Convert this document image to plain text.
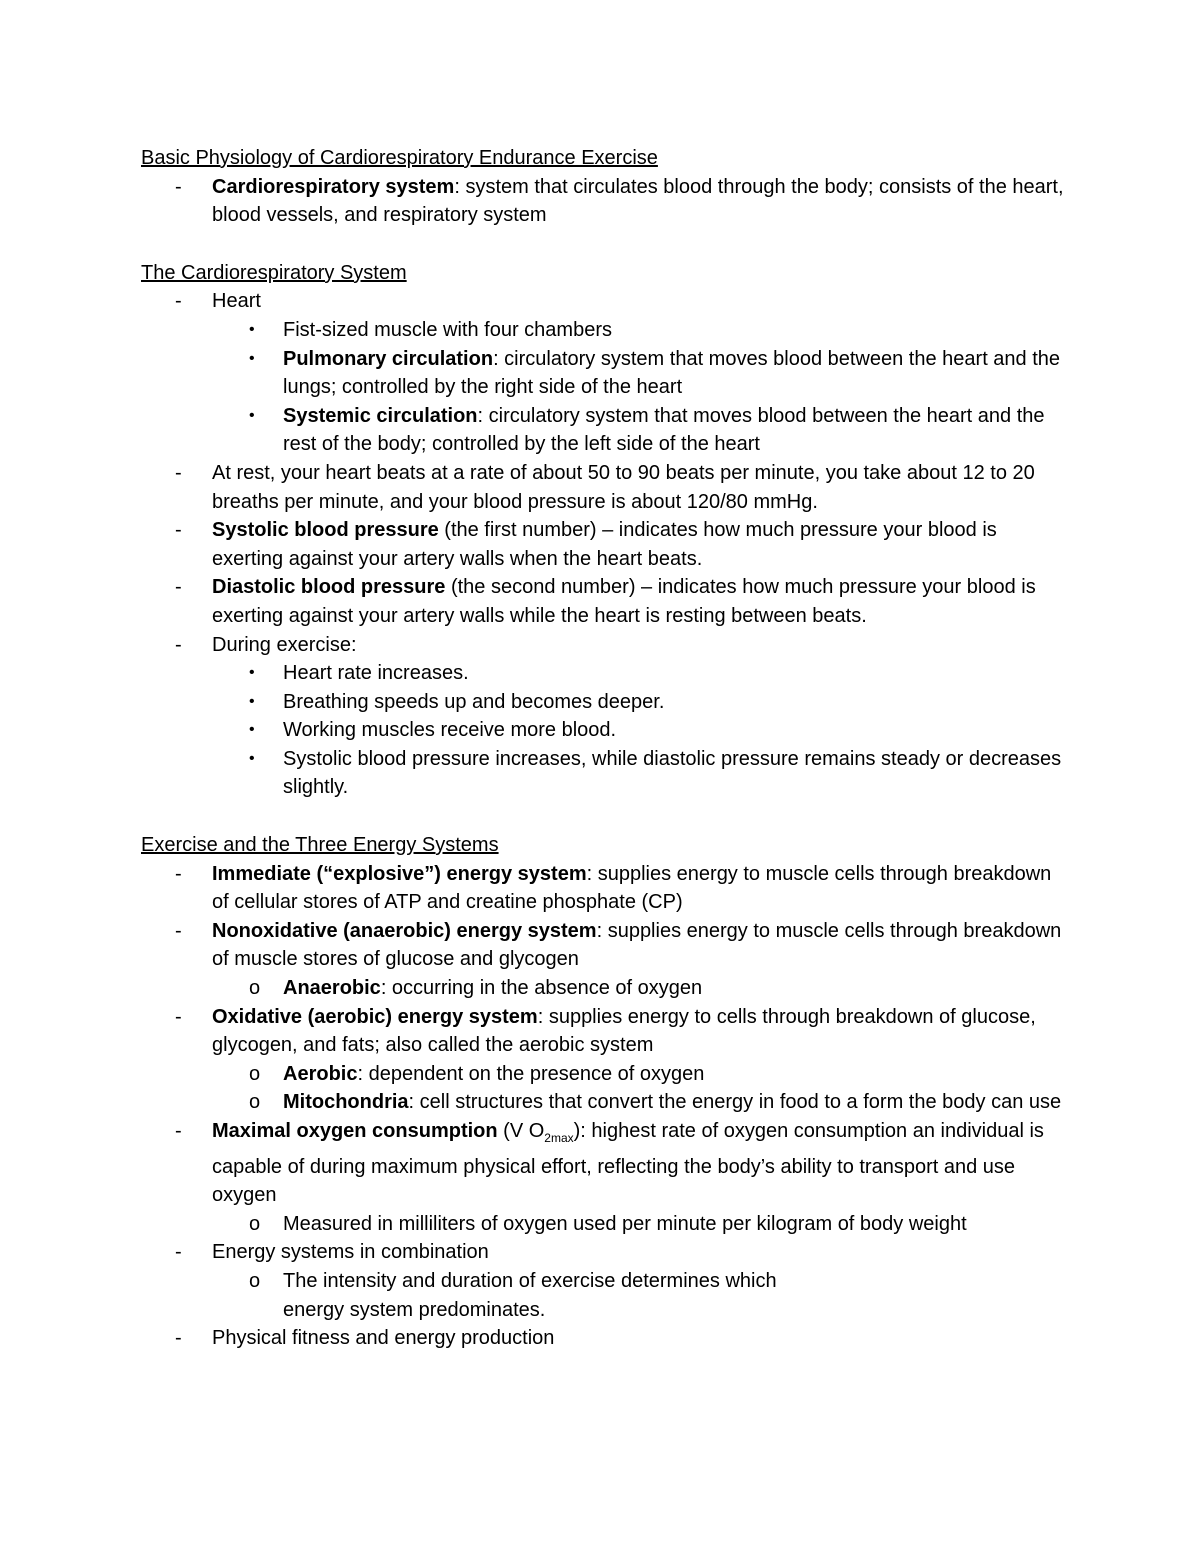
Basic Physiology of Cardiorespiratory Endurance Exercise

-	Cardiorespiratory system: system that circulates blood through the body; consists of the heart, blood vessels, and respiratory system

The Cardiorespiratory System

-	Heart

•	Fist-sized muscle with four chambers

•	Pulmonary circulation: circulatory system that moves blood between the heart and the lungs; controlled by the right side of the heart

•	Systemic circulation: circulatory system that moves blood between the heart and the rest of the body; controlled by the left side of the heart

-	At rest, your heart beats at a rate of about 50 to 90 beats per minute, you take about 12 to 20 breaths per minute, and your blood pressure is about 120/80 mmHg.

-	Systolic blood pressure (the first number) – indicates how much pressure your blood is exerting against your artery walls when the heart beats.

-	Diastolic blood pressure (the second number) – indicates how much pressure your blood is exerting against your artery walls while the heart is resting between beats.

-	During exercise:

•	Heart rate increases.

•	Breathing speeds up and becomes deeper.

•	Working muscles receive more blood.

•	Systolic blood pressure increases, while diastolic pressure remains steady or decreases slightly.

Exercise and the Three Energy Systems

-	Immediate (“explosive”) energy system: supplies energy to muscle cells through breakdown of cellular stores of ATP and creatine phosphate (CP)

-	Nonoxidative (anaerobic) energy system: supplies energy to muscle cells through breakdown of muscle stores of glucose and glycogen

o	Anaerobic: occurring in the absence of oxygen

-	Oxidative (aerobic) energy system: supplies energy to cells through breakdown of glucose, glycogen, and fats; also called the aerobic system

o	Aerobic: dependent on the presence of oxygen

o	Mitochondria: cell structures that convert the energy in food to a form the body can use

-	Maximal oxygen consumption (V $O_{2max}$): highest rate of oxygen consumption an individual is capable of during maximum physical effort, reflecting the body’s ability to transport and use oxygen

o	Measured in milliliters of oxygen used per minute per kilogram of body weight

-	Energy systems in combination

o	The intensity and duration of exercise determines which energy system predominates.

-	Physical fitness and energy production
